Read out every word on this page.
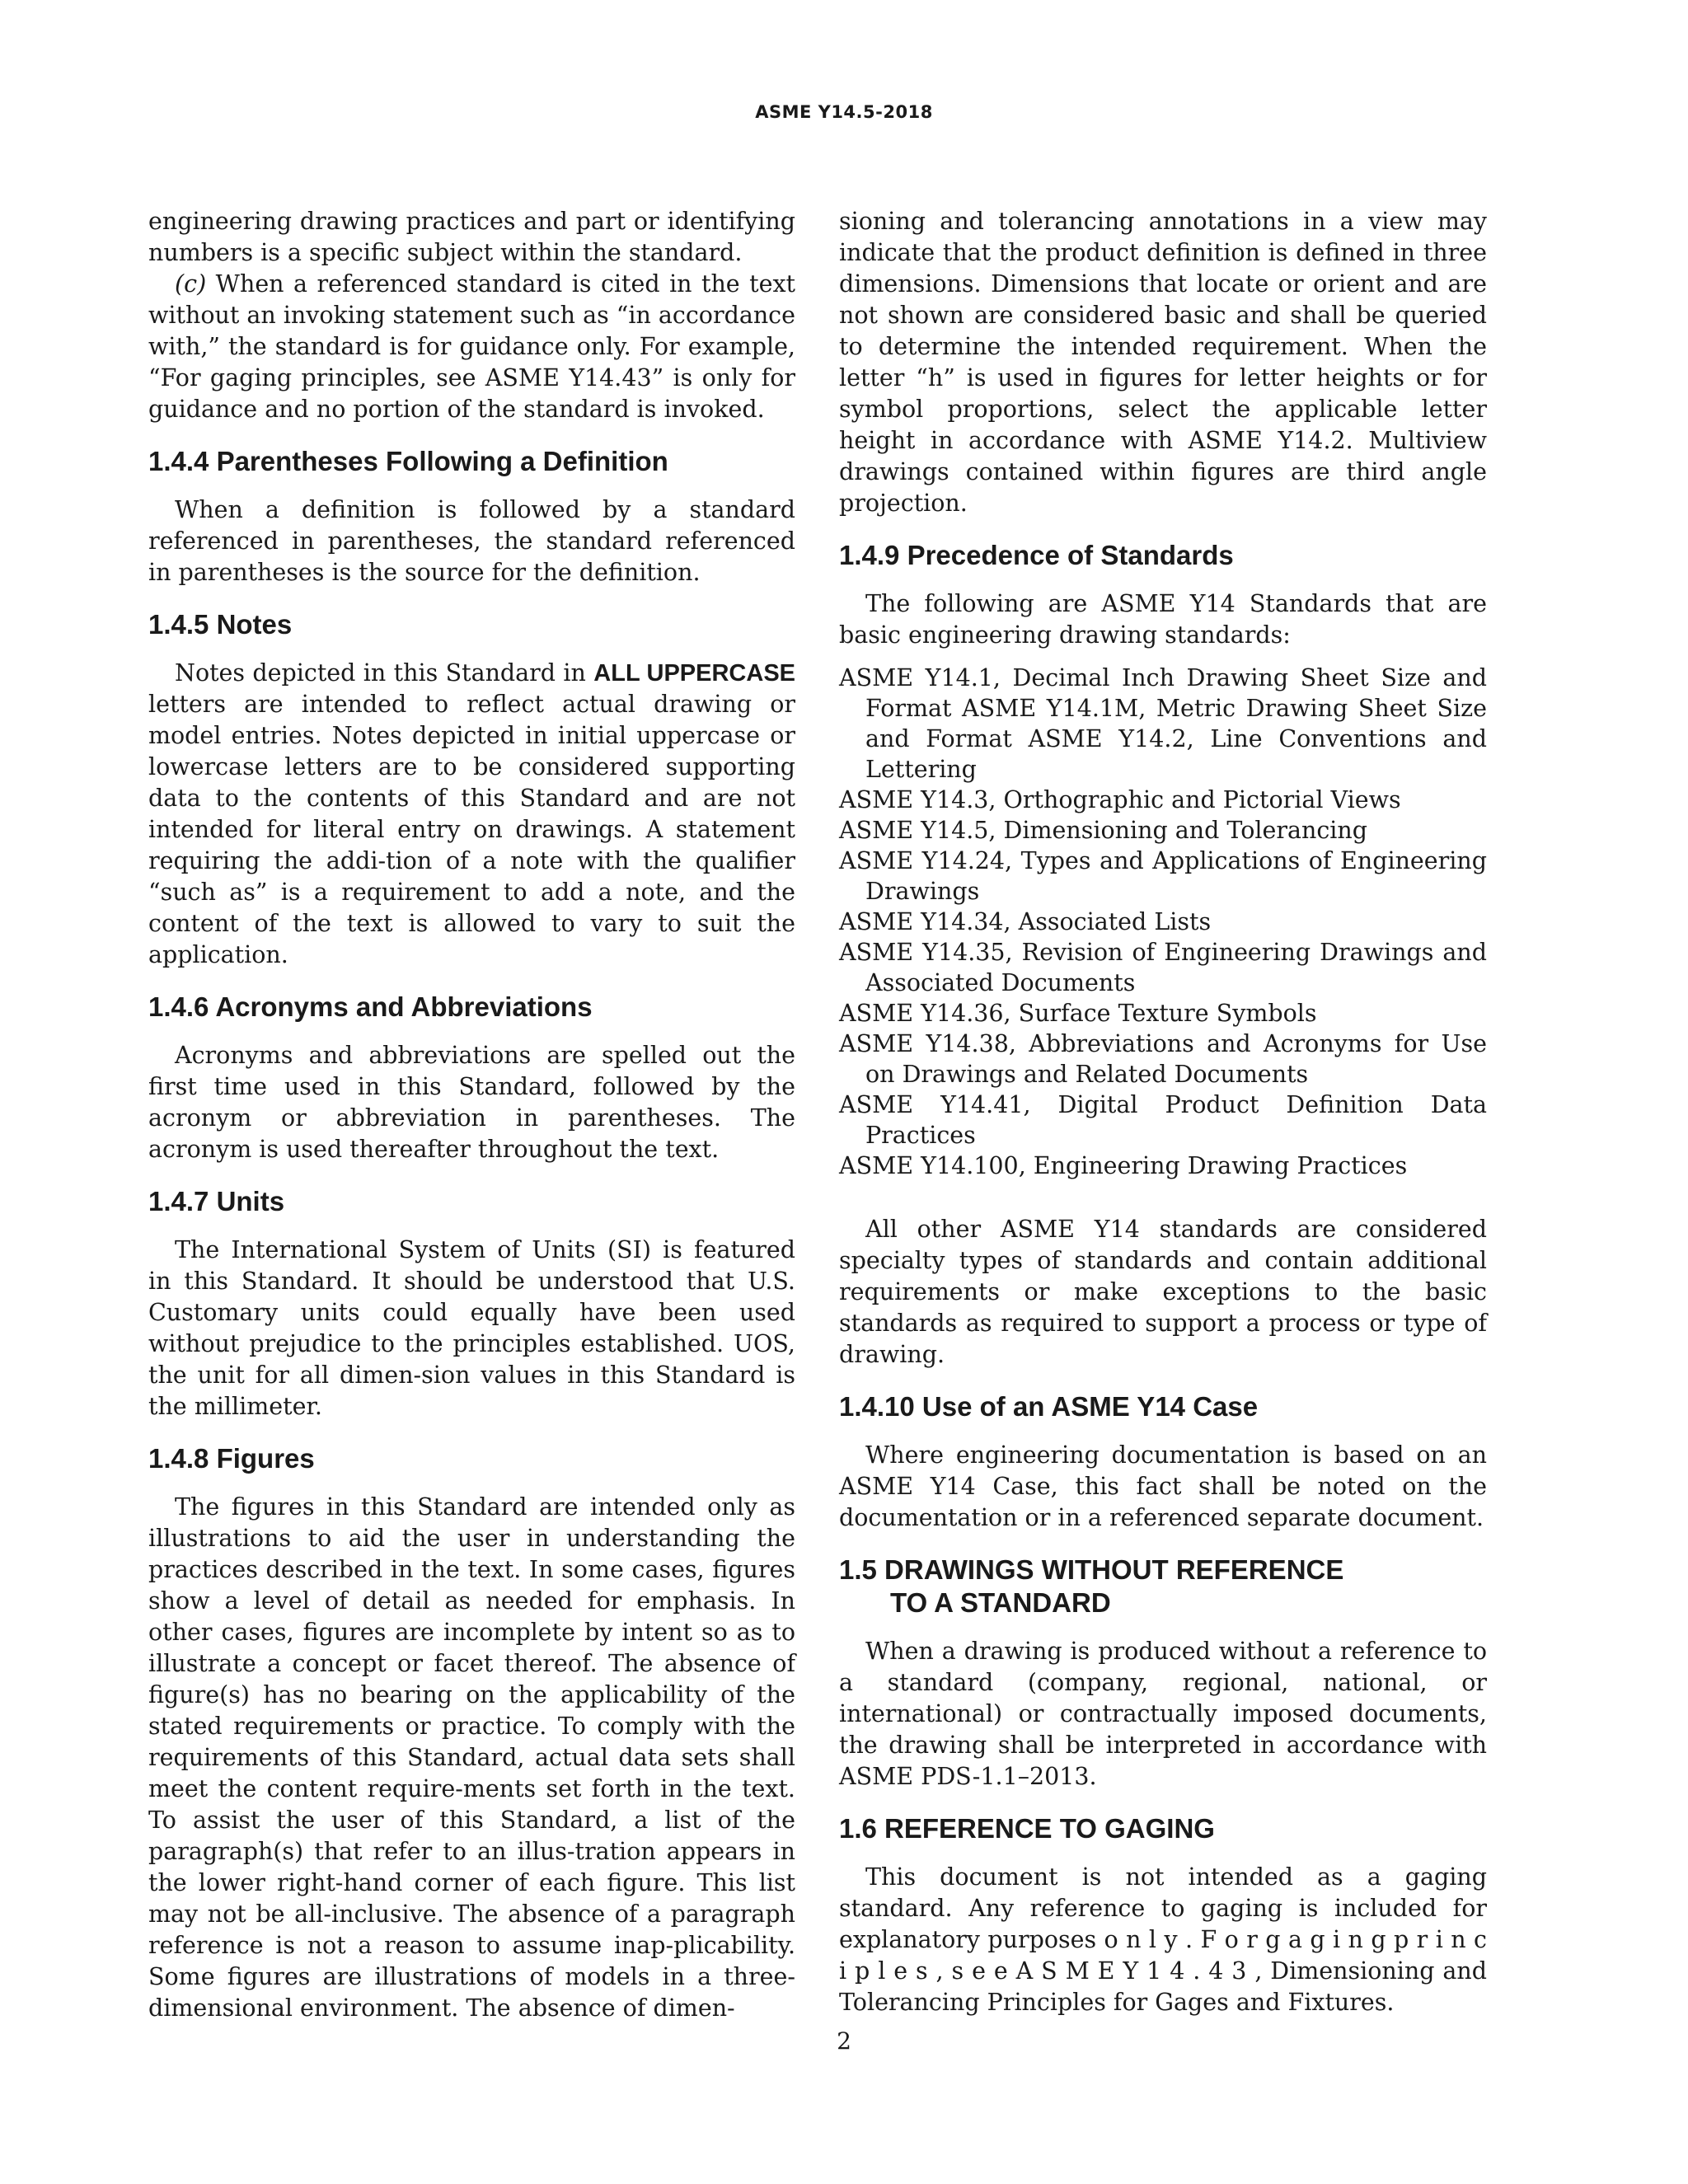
ASME Y14.5-2018

engineering drawing practices and part or identifying numbers is a specific subject within the standard.

(c) When a referenced standard is cited in the text without an invoking statement such as “in accordance with,” the standard is for guidance only. For example, “For gaging principles, see ASME Y14.43” is only for guidance and no portion of the standard is invoked.

1.4.4 Parentheses Following a Definition

When a definition is followed by a standard referenced in parentheses, the standard referenced in parentheses is the source for the definition.

1.4.5 Notes

Notes depicted in this Standard in ALL UPPERCASE letters are intended to reflect actual drawing or model entries. Notes depicted in initial uppercase or lowercase letters are to be considered supporting data to the contents of this Standard and are not intended for literal entry on drawings. A statement requiring the addi-tion of a note with the qualifier “such as” is a requirement to add a note, and the content of the text is allowed to vary to suit the application.

1.4.6 Acronyms and Abbreviations

Acronyms and abbreviations are spelled out the first time used in this Standard, followed by the acronym or abbreviation in parentheses. The acronym is used thereafter throughout the text.

1.4.7 Units

The International System of Units (SI) is featured in this Standard. It should be understood that U.S. Customary units could equally have been used without prejudice to the principles established. UOS, the unit for all dimen-sion values in this Standard is the millimeter.

1.4.8 Figures

The figures in this Standard are intended only as illustrations to aid the user in understanding the practices described in the text. In some cases, figures show a level of detail as needed for emphasis. In other cases, figures are incomplete by intent so as to illustrate a concept or facet thereof. The absence of figure(s) has no bearing on the applicability of the stated requirements or practice. To comply with the requirements of this Standard, actual data sets shall meet the content require-ments set forth in the text. To assist the user of this Standard, a list of the paragraph(s) that refer to an illus-tration appears in the lower right-hand corner of each figure. This list may not be all-inclusive. The absence of a paragraph reference is not a reason to assume inap-plicability. Some figures are illustrations of models in a three-dimensional environment. The absence of dimen-

sioning and tolerancing annotations in a view may indicate that the product definition is defined in three dimensions. Dimensions that locate or orient and are not shown are considered basic and shall be queried to determine the intended requirement. When the letter “h” is used in figures for letter heights or for symbol proportions, select the applicable letter height in accordance with ASME Y14.2. Multiview drawings contained within figures are third angle projection.

1.4.9 Precedence of Standards

The following are ASME Y14 Standards that are basic engineering drawing standards:

ASME Y14.1, Decimal Inch Drawing Sheet Size and Format ASME Y14.1M, Metric Drawing Sheet Size and Format ASME Y14.2, Line Conventions and Lettering
ASME Y14.3, Orthographic and Pictorial Views
ASME Y14.5, Dimensioning and Tolerancing
ASME Y14.24, Types and Applications of Engineering Drawings
ASME Y14.34, Associated Lists
ASME Y14.35, Revision of Engineering Drawings and Associated Documents
ASME Y14.36, Surface Texture Symbols
ASME Y14.38, Abbreviations and Acronyms for Use on Drawings and Related Documents
ASME Y14.41, Digital Product Definition Data Practices
ASME Y14.100, Engineering Drawing Practices

All other ASME Y14 standards are considered specialty types of standards and contain additional requirements or make exceptions to the basic standards as required to support a process or type of drawing.

1.4.10 Use of an ASME Y14 Case

Where engineering documentation is based on an ASME Y14 Case, this fact shall be noted on the documentation or in a referenced separate document.

1.5 DRAWINGS WITHOUT REFERENCE
TO A STANDARD

When a drawing is produced without a reference to a standard (company, regional, national, or international) or contractually imposed documents, the drawing shall be interpreted in accordance with ASME PDS-1.1–2013.

1.6 REFERENCE TO GAGING

This document is not intended as a gaging standard. Any reference to gaging is included for explanatory purposes o n l y . F o r g a g i n g p r i n c i p l e s , s e e A S M E Y 1 4 . 4 3 , Dimensioning and Tolerancing Principles for Gages and Fixtures.

2
